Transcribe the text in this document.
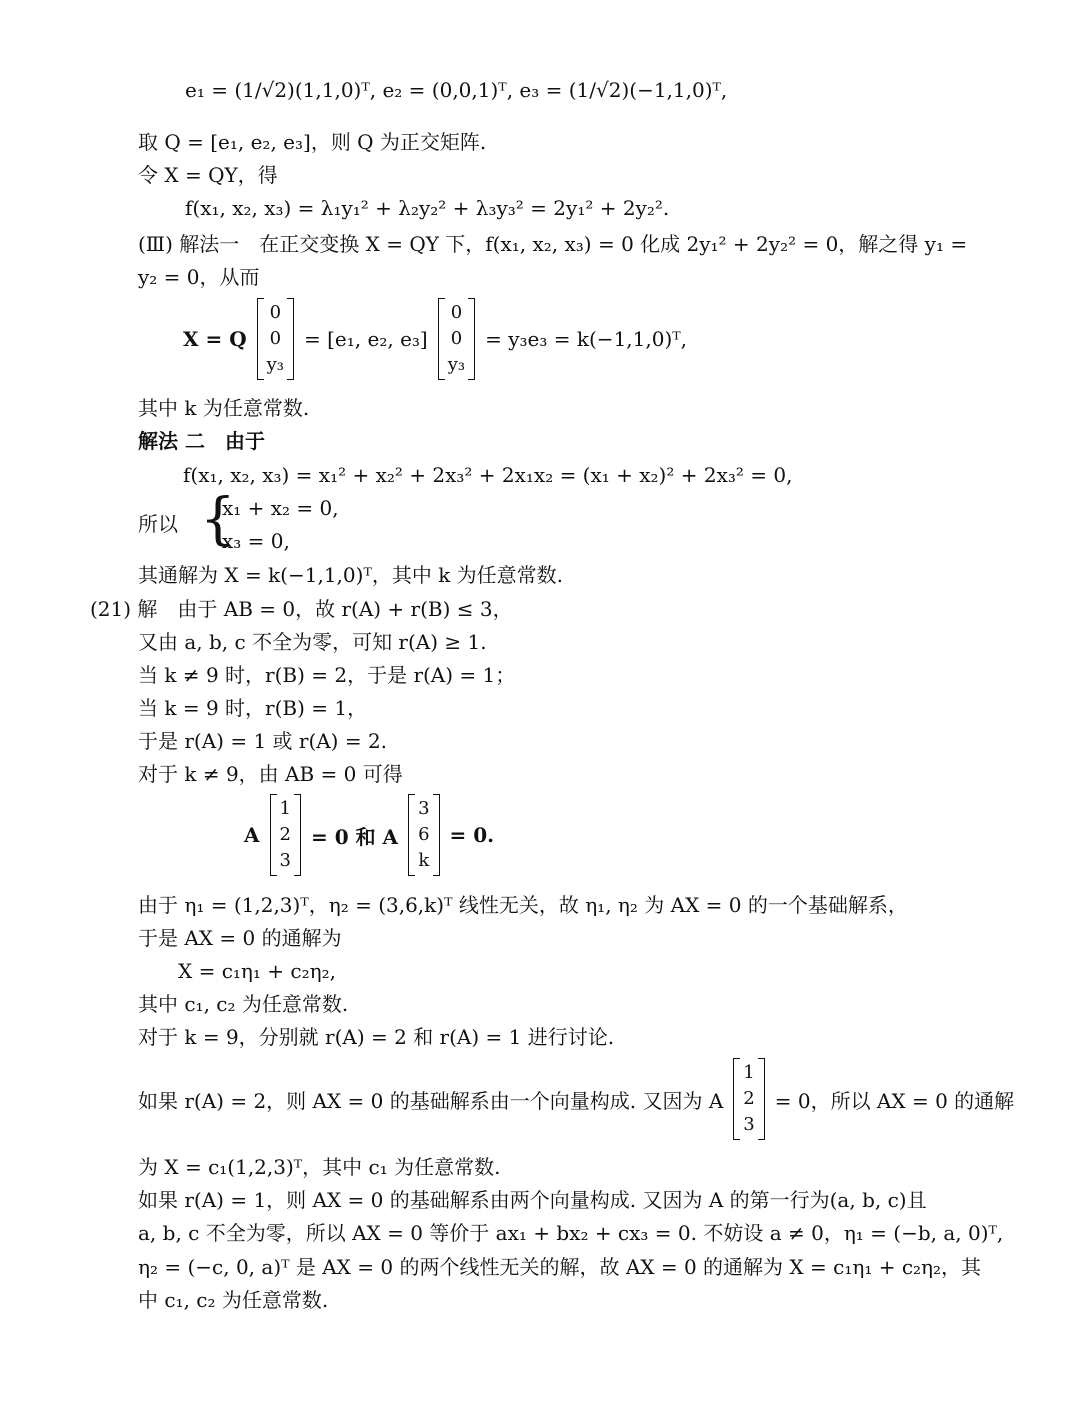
e₁ = (1/√2)(1,1,0)ᵀ, e₂ = (0,0,1)ᵀ, e₃ = (1/√2)(−1,1,0)ᵀ,
取 Q = [e₁, e₂, e₃]，则 Q 为正交矩阵.
令 X = QY，得
f(x₁, x₂, x₃) = λ₁y₁² + λ₂y₂² + λ₃y₃² = 2y₁² + 2y₂².
(Ⅲ) 解法一　在正交变换 X = QY 下，f(x₁, x₂, x₃) = 0 化成 2y₁² + 2y₂² = 0，解之得 y₁ =
y₂ = 0，从而
X = Q
0
0
y₃
= [e₁, e₂, e₃]
0
0
y₃
= y₃e₃ = k(−1,1,0)ᵀ,
其中 k 为任意常数.
解法 二　由于
f(x₁, x₂, x₃) = x₁² + x₂² + 2x₃² + 2x₁x₂ = (x₁ + x₂)² + 2x₃² = 0,
所以 {
x₁ + x₂ = 0,
x₃ = 0,
其通解为 X = k(−1,1,0)ᵀ，其中 k 为任意常数.
(21) 解　由于 AB = 0，故 r(A) + r(B) ≤ 3，
又由 a, b, c 不全为零，可知 r(A) ≥ 1.
当 k ≠ 9 时，r(B) = 2，于是 r(A) = 1；
当 k = 9 时，r(B) = 1，
于是 r(A) = 1 或 r(A) = 2.
对于 k ≠ 9，由 AB = 0 可得
A
1
2
3
= 0 和 A
3
6
k
= 0.
由于 η₁ = (1,2,3)ᵀ，η₂ = (3,6,k)ᵀ 线性无关，故 η₁, η₂ 为 AX = 0 的一个基础解系，
于是 AX = 0 的通解为
X = c₁η₁ + c₂η₂,
其中 c₁, c₂ 为任意常数.
对于 k = 9，分别就 r(A) = 2 和 r(A) = 1 进行讨论.
如果 r(A) = 2，则 AX = 0 的基础解系由一个向量构成. 又因为 A
1
2
3
= 0，所以 AX = 0 的通解
为 X = c₁(1,2,3)ᵀ，其中 c₁ 为任意常数.
如果 r(A) = 1，则 AX = 0 的基础解系由两个向量构成. 又因为 A 的第一行为(a, b, c)且
a, b, c 不全为零，所以 AX = 0 等价于 ax₁ + bx₂ + cx₃ = 0. 不妨设 a ≠ 0，η₁ = (−b, a, 0)ᵀ,
η₂ = (−c, 0, a)ᵀ 是 AX = 0 的两个线性无关的解，故 AX = 0 的通解为 X = c₁η₁ + c₂η₂，其
中 c₁, c₂ 为任意常数.
